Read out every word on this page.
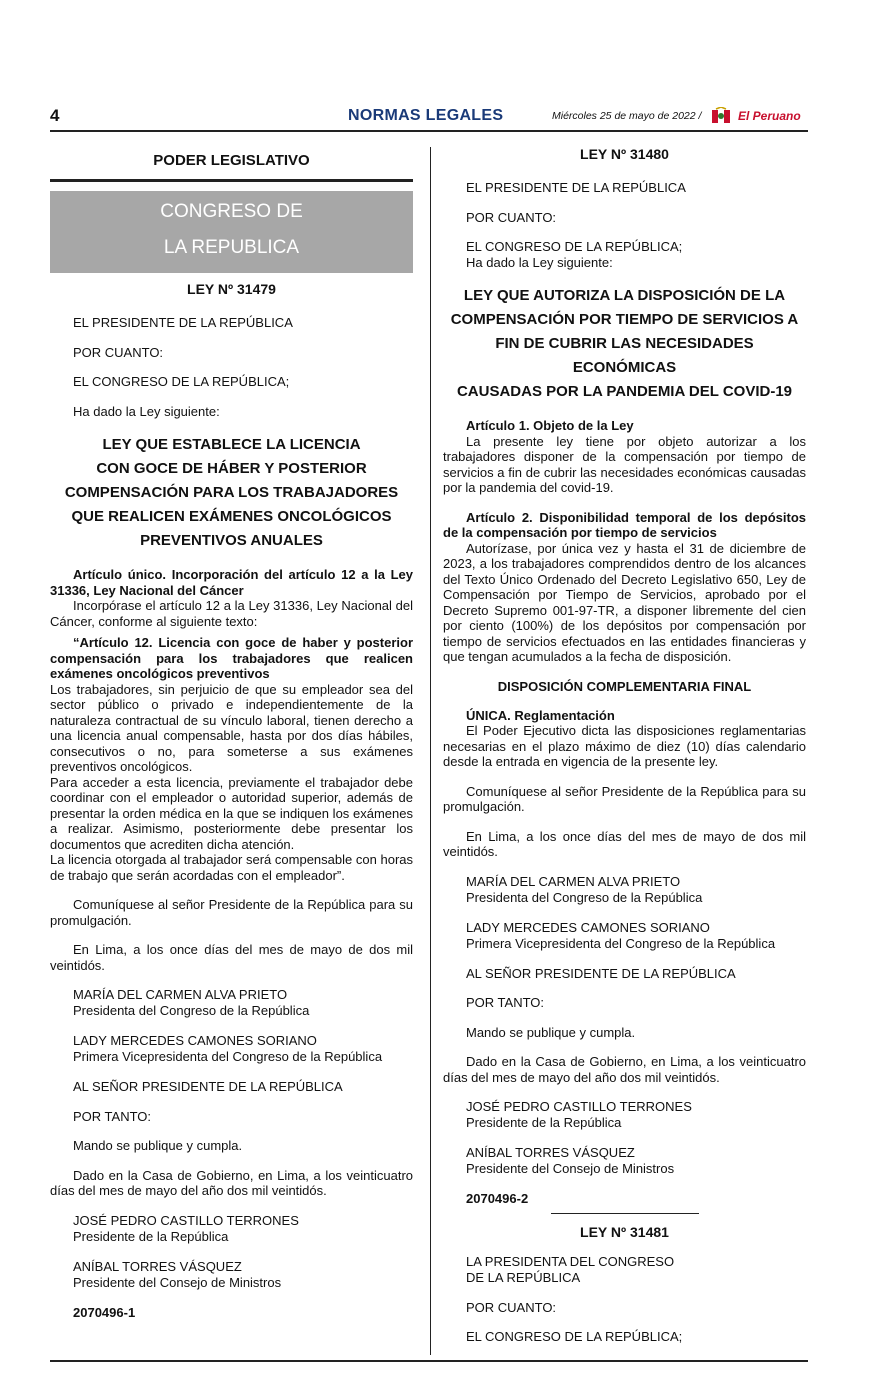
4	NORMAS LEGALES	Miércoles 25 de mayo de 2022 /	El Peruano
PODER LEGISLATIVO
CONGRESO DE
LA REPUBLICA
LEY Nº 31479

EL PRESIDENTE DE LA REPÚBLICA

POR CUANTO:

EL CONGRESO DE LA REPÚBLICA;

Ha dado la Ley siguiente:

LEY QUE ESTABLECE LA LICENCIA
CON GOCE DE HÁBER Y POSTERIOR
COMPENSACIÓN PARA LOS TRABAJADORES
QUE REALICEN EXÁMENES ONCOLÓGICOS
PREVENTIVOS ANUALES

Artículo único. Incorporación del artículo 12 a la Ley 31336, Ley Nacional del Cáncer

Incorpórase el artículo 12 a la Ley 31336, Ley Nacional del Cáncer, conforme al siguiente texto:

“Artículo 12. Licencia con goce de haber y posterior compensación para los trabajadores que realicen exámenes oncológicos preventivos

Los trabajadores, sin perjuicio de que su empleador sea del sector público o privado e independientemente de la naturaleza contractual de su vínculo laboral, tienen derecho a una licencia anual compensable, hasta por dos días hábiles, consecutivos o no, para someterse a sus exámenes preventivos oncológicos.

Para acceder a esta licencia, previamente el trabajador debe coordinar con el empleador o autoridad superior, además de presentar la orden médica en la que se indiquen los exámenes a realizar. Asimismo, posteriormente debe presentar los documentos que acrediten dicha atención.

La licencia otorgada al trabajador será compensable con horas de trabajo que serán acordadas con el empleador”.

Comuníquese al señor Presidente de la República para su promulgación.

En Lima, a los once días del mes de mayo de dos mil veintidós.

MARÍA DEL CARMEN ALVA PRIETO
Presidenta del Congreso de la República
LADY MERCEDES CAMONES SORIANO
Primera Vicepresidenta del Congreso de la República

AL SEÑOR PRESIDENTE DE LA REPÚBLICA

POR TANTO:

Mando se publique y cumpla.

Dado en la Casa de Gobierno, en Lima, a los veinticuatro días del mes de mayo del año dos mil veintidós.

JOSÉ PEDRO CASTILLO TERRONES
Presidente de la República
ANÍBAL TORRES VÁSQUEZ
Presidente del Consejo de Ministros

2070496-1

LEY Nº 31480

EL PRESIDENTE DE LA REPÚBLICA

POR CUANTO:

EL CONGRESO DE LA REPÚBLICA;

Ha dado la Ley siguiente:

LEY QUE AUTORIZA LA DISPOSICIÓN DE LA
COMPENSACIÓN POR TIEMPO DE SERVICIOS A
FIN DE CUBRIR LAS NECESIDADES ECONÓMICAS
CAUSADAS POR LA PANDEMIA DEL COVID-19

Artículo 1. Objeto de la Ley

La presente ley tiene por objeto autorizar a los trabajadores disponer de la compensación por tiempo de servicios a fin de cubrir las necesidades económicas causadas por la pandemia del covid-19.

Artículo 2. Disponibilidad temporal de los depósitos de la compensación por tiempo de servicios

Autorízase, por única vez y hasta el 31 de diciembre de 2023, a los trabajadores comprendidos dentro de los alcances del Texto Único Ordenado del Decreto Legislativo 650, Ley de Compensación por Tiempo de Servicios, aprobado por el Decreto Supremo 001-97-TR, a disponer libremente del cien por ciento (100%) de los depósitos por compensación por tiempo de servicios efectuados en las entidades financieras y que tengan acumulados a la fecha de disposición.

DISPOSICIÓN COMPLEMENTARIA FINAL

ÚNICA. Reglamentación

El Poder Ejecutivo dicta las disposiciones reglamentarias necesarias en el plazo máximo de diez (10) días calendario desde la entrada en vigencia de la presente ley.

Comuníquese al señor Presidente de la República para su promulgación.

En Lima, a los once días del mes de mayo de dos mil veintidós.

MARÍA DEL CARMEN ALVA PRIETO
Presidenta del Congreso de la República
LADY MERCEDES CAMONES SORIANO
Primera Vicepresidenta del Congreso de la República

AL SEÑOR PRESIDENTE DE LA REPÚBLICA

POR TANTO:

Mando se publique y cumpla.

Dado en la Casa de Gobierno, en Lima, a los veinticuatro días del mes de mayo del año dos mil veintidós.

JOSÉ PEDRO CASTILLO TERRONES
Presidente de la República
ANÍBAL TORRES VÁSQUEZ
Presidente del Consejo de Ministros

2070496-2

LEY Nº 31481
LA PRESIDENTA DEL CONGRESO
DE LA REPÚBLICA

POR CUANTO:

EL CONGRESO DE LA REPÚBLICA;
